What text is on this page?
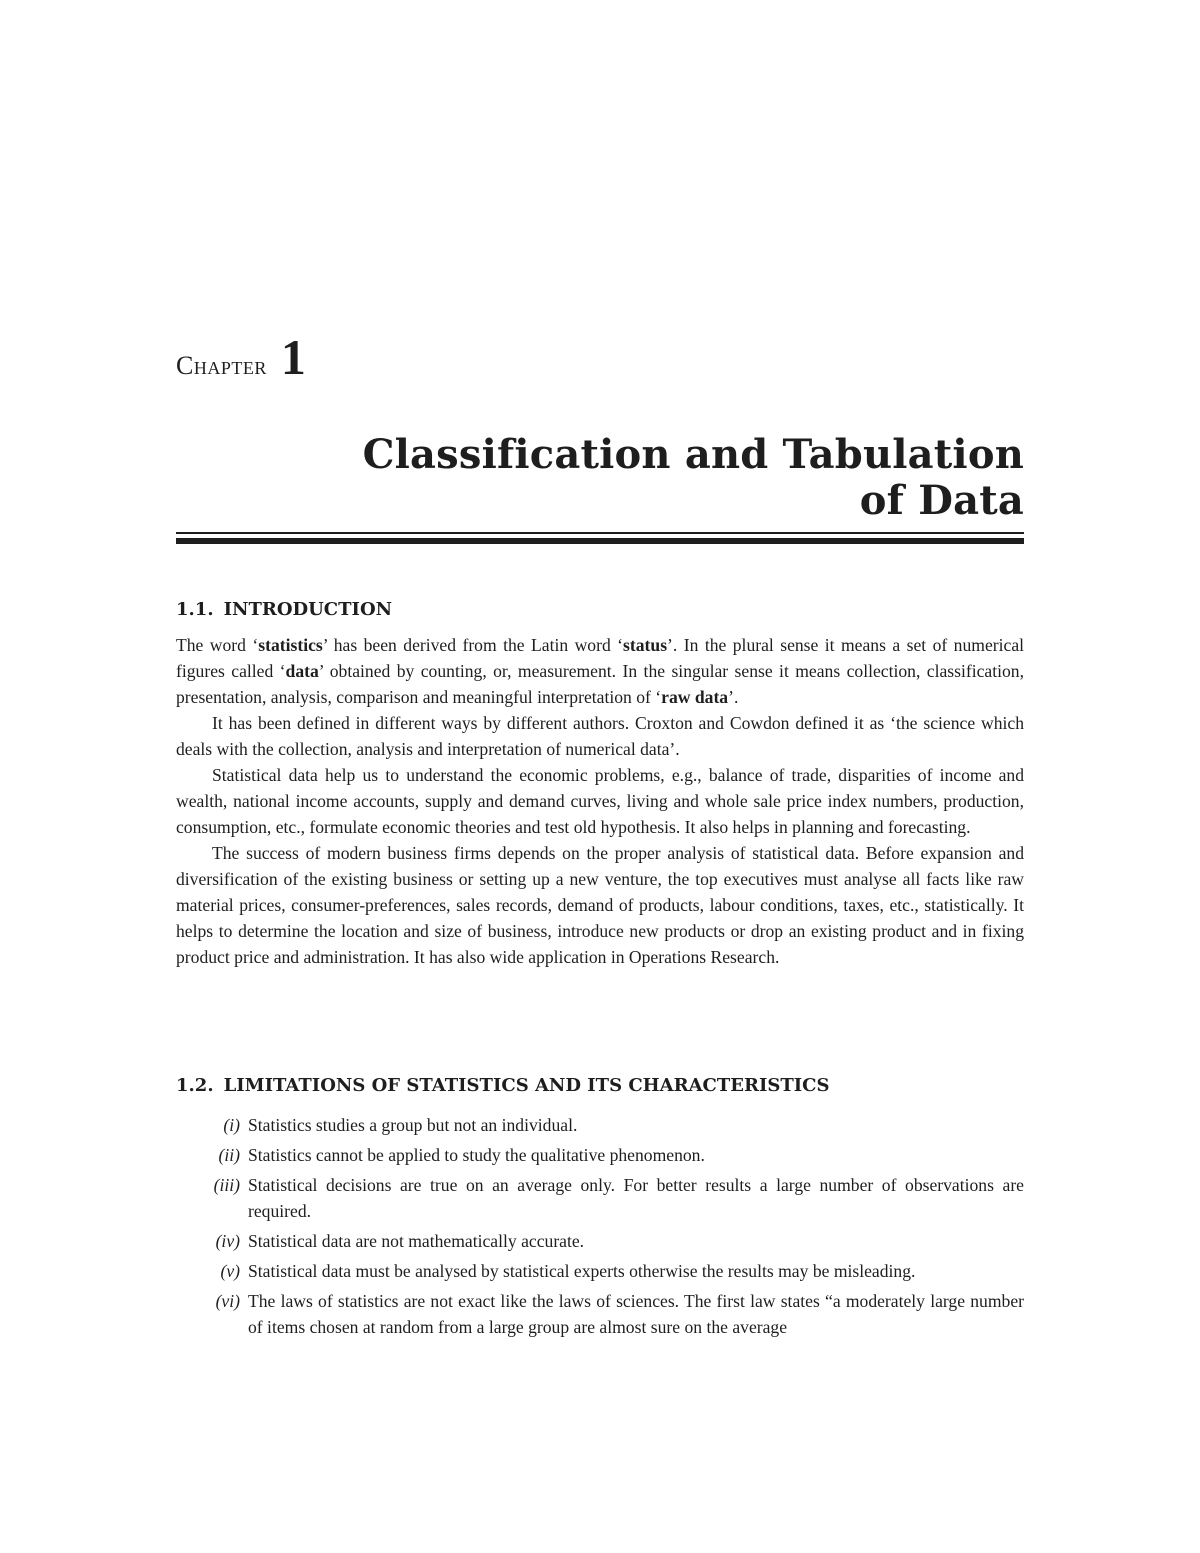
Chapter 1
Classification and Tabulation
of Data
1.1. INTRODUCTION

The word ‘statistics’ has been derived from the Latin word ‘status’. In the plural sense it means a set of numerical figures called ‘data’ obtained by counting, or, measurement. In the singular sense it means collection, classification, presentation, analysis, comparison and meaningful interpretation of ‘raw data’.

It has been defined in different ways by different authors. Croxton and Cowdon defined it as ‘the science which deals with the collection, analysis and interpretation of numerical data’.

Statistical data help us to understand the economic problems, e.g., balance of trade, disparities of income and wealth, national income accounts, supply and demand curves, living and whole sale price index numbers, production, consumption, etc., formulate economic theories and test old hypothesis. It also helps in planning and forecasting.

The success of modern business firms depends on the proper analysis of statistical data. Before expansion and diversification of the existing business or setting up a new venture, the top executives must analyse all facts like raw material prices, consumer-preferences, sales records, demand of products, labour conditions, taxes, etc., statistically. It helps to determine the location and size of business, introduce new products or drop an existing product and in fixing product price and administration. It has also wide application in Operations Research.

1.2. LIMITATIONS OF STATISTICS AND ITS CHARACTERISTICS
(i) Statistics studies a group but not an individual.
(ii) Statistics cannot be applied to study the qualitative phenomenon.
(iii) Statistical decisions are true on an average only. For better results a large number of observations are required.
(iv) Statistical data are not mathematically accurate.
(v) Statistical data must be analysed by statistical experts otherwise the results may be misleading.
(vi) The laws of statistics are not exact like the laws of sciences. The first law states “a moderately large number of items chosen at random from a large group are almost sure on the average
